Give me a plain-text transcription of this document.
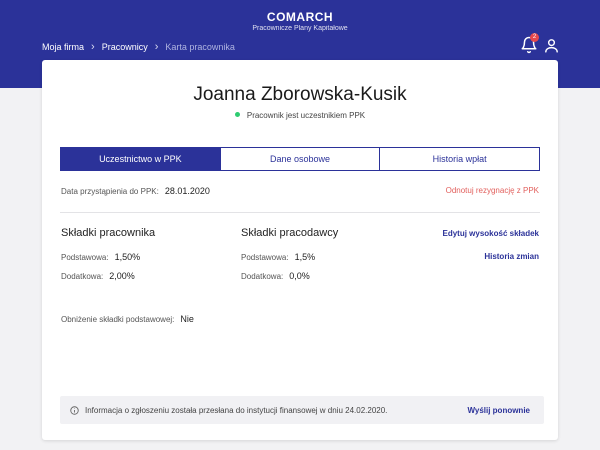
COMARCH
Pracownicze Plany Kapitałowe
Moja firma › Pracownicy › Karta pracownika
2
Joanna Zborowska-Kusik
Pracownik jest uczestnikiem PPK
Uczestnictwo w PPK	Dane osobowe	Historia wpłat
Data przystąpienia do PPK: 28.01.2020	Odnotuj rezygnację z PPK
Składki pracownika
Podstawowa: 1,50%
Dodatkowa: 2,00%
Składki pracodawcy
Podstawowa: 1,5%
Dodatkowa: 0,0%
Edytuj wysokość składek
Historia zmian
Obniżenie składki podstawowej: Nie
Informacja o zgłoszeniu została przesłana do instytucji finansowej w dniu 24.02.2020.	Wyślij ponownie
